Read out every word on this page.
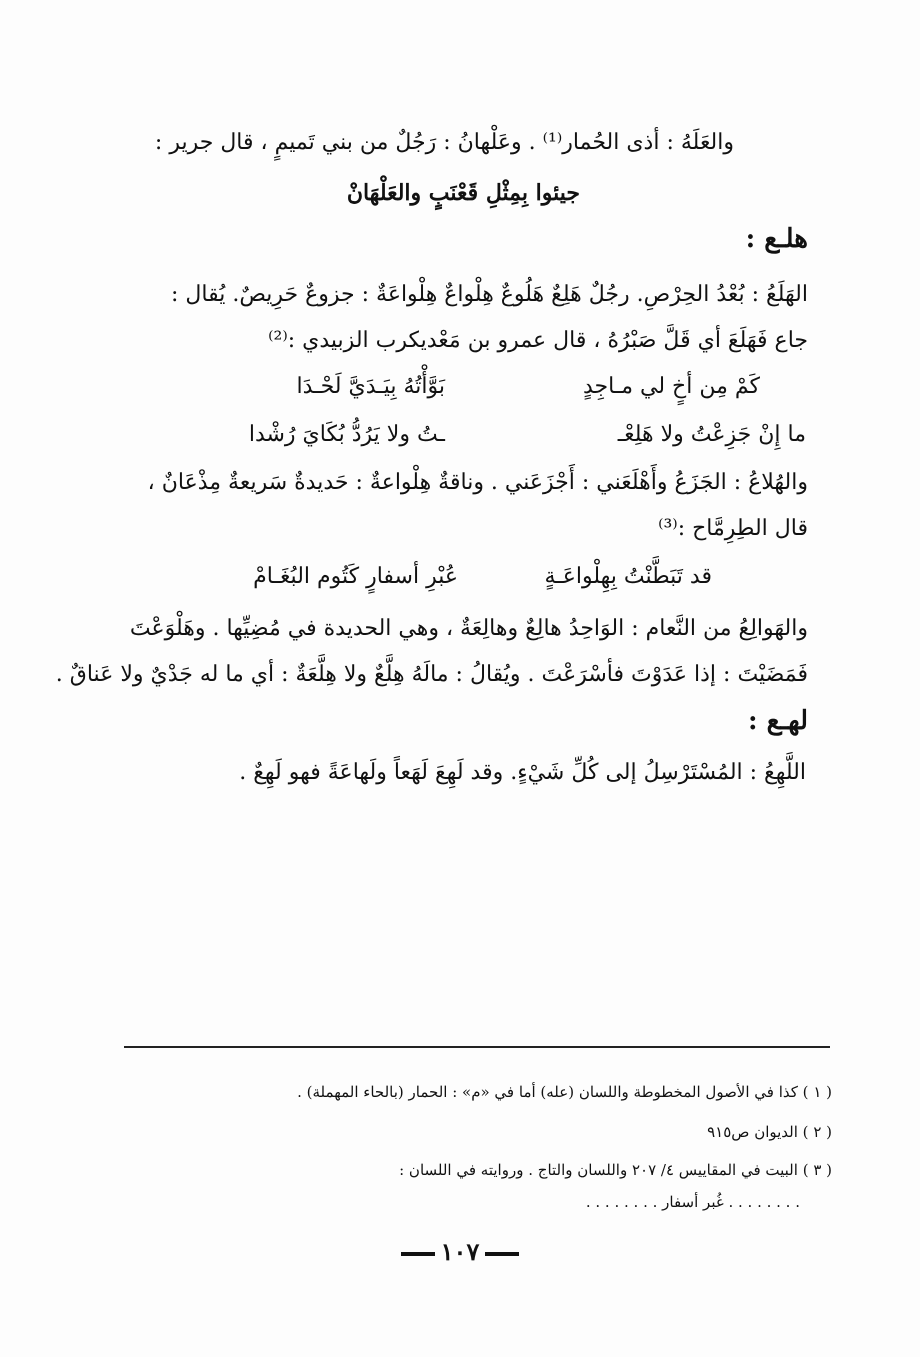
والعَلَهُ : أذى الحُمار⁽¹⁾ . وعَلْهانُ : رَجُلٌ من بني تَميمٍ ، قال جرير :
جيئوا بِمِثْلِ قَعْنَبٍ والعَلْهَانْ
هلـع :
الهَلَعُ : بُعْدُ الحِرْصِ. رجُلٌ هَلِعٌ هَلُوعٌ هِلْواعٌ هِلْواعَةٌ : جزوعٌ حَرِيصٌ. يُقال :
جاع فَهَلَعَ أي قَلَّ صَبْرُهُ ، قال عمرو بن مَعْديكرب الزبيدي :⁽²⁾
كَمْ مِن أخٍ لي مـاجِدٍ
بَوَّأْتُهُ بِيَـدَيَّ لَحْـدَا
ما إِنْ جَزِعْتُ ولا هَلِعْـ
ـتُ ولا يَرُدُّ بُكَايَ رُشْدا
والهُلاعُ : الجَزَعُ وأَهْلَعَني : أَجْزَعَني . وناقةٌ هِلْواعةٌ : حَديدةٌ سَريعةٌ مِذْعَانٌ ،
قال الطِرِمَّاح :⁽³⁾
قد تَبَطَّنْتُ بِهِلْواعَـةٍ
عُبْرِ أسفارٍ كَتُوم البُغَـامْ
والهَوالِعُ من النَّعام : الوَاحِدُ هالِعٌ وهالِعَةٌ ، وهي الحديدة في مُضِيِّها . وهَلْوَعْتَ
فَمَضَيْتَ : إذا عَدَوْتَ فأسْرَعْتَ . ويُقالُ : مالَهُ هِلَّعٌ ولا هِلَّعَةٌ : أي ما له جَدْيٌ ولا عَناقٌ .
لهـع :
اللَّهِعُ : المُسْتَرْسِلُ إلى كُلِّ شَيْءٍ. وقد لَهِعَ لَهَعاً ولَهاعَةً فهو لَهِعٌ .
( ١ ) كذا في الأصول المخطوطة واللسان (عله) أما في «م» : الحمار (بالحاء المهملة) .
( ٢ ) الديوان ص٩١٥
( ٣ ) البيت في المقاييس ٤/ ٢٠٧ واللسان والتاج . وروايته في اللسان :
. . . . . . . . غُبر أسفار . . . . . . . .
١٠٧
